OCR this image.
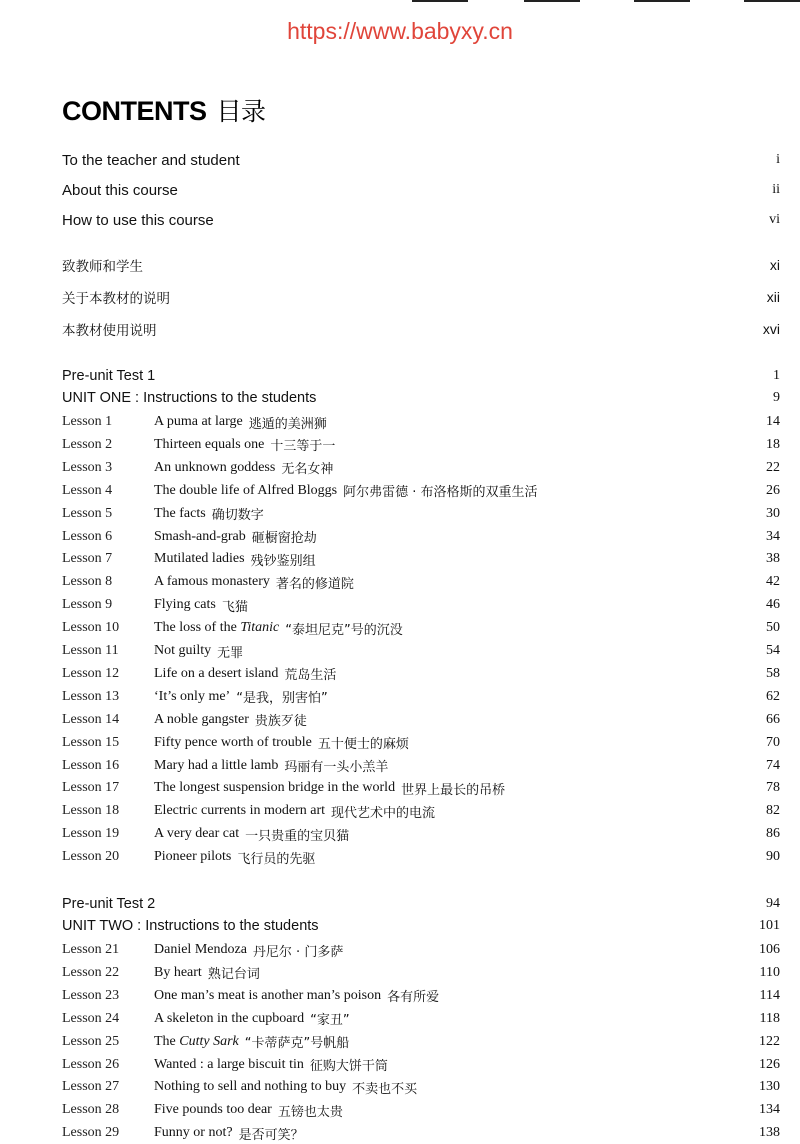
https://www.babyxy.cn
CONTENTS 目录
To the teacher and student	i
About this course	ii
How to use this course	vi
致教师和学生	xi
关于本教材的说明	xii
本教材使用说明	xvi
Pre-unit Test 1	1
UNIT ONE : Instructions to the students	9
Lesson 1	A puma at large 逃遁的美洲狮	14
Lesson 2	Thirteen equals one 十三等于一	18
Lesson 3	An unknown goddess 无名女神	22
Lesson 4	The double life of Alfred Bloggs 阿尔弗雷德 · 布洛格斯的双重生活	26
Lesson 5	The facts 确切数字	30
Lesson 6	Smash-and-grab 砸橱窗抢劫	34
Lesson 7	Mutilated ladies 残钞鉴别组	38
Lesson 8	A famous monastery 著名的修道院	42
Lesson 9	Flying cats 飞猫	46
Lesson 10	The loss of the Titanic “泰坦尼克”号的沉没	50
Lesson 11	Not guilty 无罪	54
Lesson 12	Life on a desert island 荒岛生活	58
Lesson 13	‘It’s only me’ “是我，别害怕”	62
Lesson 14	A noble gangster 贵族歹徒	66
Lesson 15	Fifty pence worth of trouble 五十便士的麻烦	70
Lesson 16	Mary had a little lamb 玛丽有一头小羔羊	74
Lesson 17	The longest suspension bridge in the world 世界上最长的吊桥	78
Lesson 18	Electric currents in modern art 现代艺术中的电流	82
Lesson 19	A very dear cat 一只贵重的宝贝猫	86
Lesson 20	Pioneer pilots 飞行员的先驱	90
Pre-unit Test 2	94
UNIT TWO : Instructions to the students	101
Lesson 21	Daniel Mendoza 丹尼尔 · 门多萨	106
Lesson 22	By heart 熟记台词	110
Lesson 23	One man’s meat is another man’s poison 各有所爱	114
Lesson 24	A skeleton in the cupboard “家丑”	118
Lesson 25	The Cutty Sark “卡蒂萨克”号帆船	122
Lesson 26	Wanted : a large biscuit tin 征购大饼干筒	126
Lesson 27	Nothing to sell and nothing to buy 不卖也不买	130
Lesson 28	Five pounds too dear 五镑也太贵	134
Lesson 29	Funny or not? 是否可笑？	138
